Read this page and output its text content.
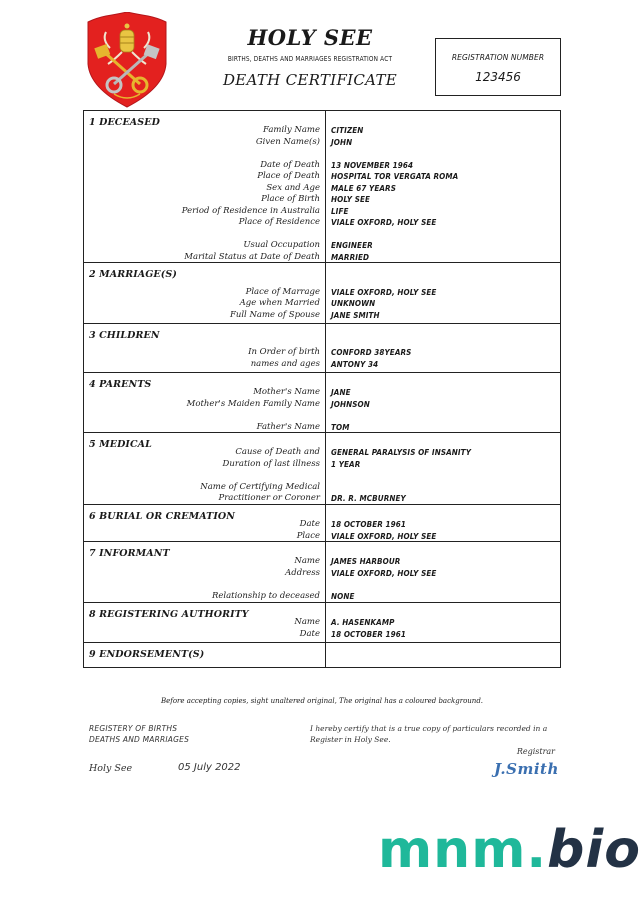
HOLY SEE
BIRTHS, DEATHS AND MARRIAGES REGISTRATION ACT
DEATH CERTIFICATE
REGISTRATION NUMBER
123456
1 DECEASED
Family Name
Given Name(s)
Date of Death
Place of Death
Sex and Age
Place of Birth
Period of Residence in Australia
Place of Residence
Usual Occupation
Marital Status at Date of Death
CITIZEN
JOHN
13 NOVEMBER 1964
HOSPITAL TOR VERGATA ROMA
MALE 67 YEARS
HOLY SEE
LIFE
VIALE OXFORD, HOLY SEE
ENGINEER
MARRIED
2 MARRIAGE(S)
Place of Marrage
Age when Married
Full Name of Spouse
VIALE OXFORD, HOLY SEE
UNKNOWN
JANE SMITH
3 CHILDREN
In Order of birth
names and ages
CONFORD 38YEARS
ANTONY 34
4 PARENTS
Mother's Name
Mother's Maiden Family Name
Father's Name
JANE
JOHNSON
TOM
5 MEDICAL
Cause of Death and
Duration of last illness
Name of Certifying Medical
Practitioner or Coroner
GENERAL PARALYSIS OF INSANITY
1 YEAR
DR. R. MCBURNEY
6 BURIAL OR CREMATION
Date
Place
18 OCTOBER 1961
VIALE OXFORD, HOLY SEE
7 INFORMANT
Name
Address
Relationship to deceased
JAMES HARBOUR
VIALE OXFORD, HOLY SEE
NONE
8 REGISTERING AUTHORITY
Name
Date
A. HASENKAMP
18 OCTOBER 1961
9 ENDORSEMENT(S)
Before accepting copies, sight unaltered original, The original has a coloured background.
REGISTERY OF BIRTHS
DEATHS AND MARRIAGES
Holy See	05 July 2022
I hereby certify that is a true copy of particulars recorded in a Register in Holy See.
Registrar
J.Smith
mnm.bio
